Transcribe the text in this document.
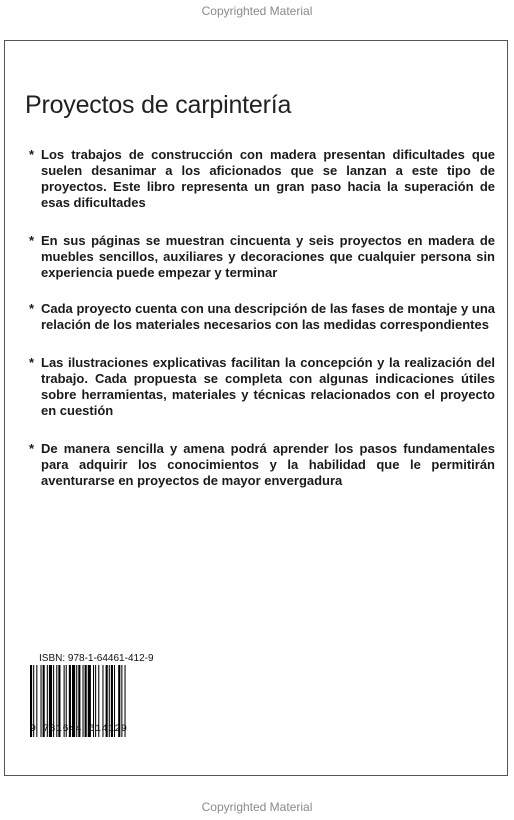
Copyrighted Material
Proyectos de carpintería
* Los trabajos de construcción con madera presentan dificultades que suelen desanimar a los aficionados que se lanzan a este tipo de proyectos. Este libro representa un gran paso hacia la superación de esas dificultades

* En sus páginas se muestran cincuenta y seis proyectos en madera de muebles sencillos, auxiliares y decoraciones que cualquier persona sin experiencia puede empezar y terminar

* Cada proyecto cuenta con una descripción de las fases de montaje y una relación de los materiales necesarios con las medidas correspondientes

* Las ilustraciones explicativas facilitan la concepción y la realización del trabajo. Cada propuesta se completa con algunas indicaciones útiles sobre herramientas, materiales y técnicas relacionados con el proyecto en cuestión

* De manera sencilla y amena podrá aprender los pasos fundamentales para adquirir los conocimientos y la habilidad que le permitirán aventurarse en proyectos de mayor envergadura

ISBN: 978-1-64461-412-9
9 781644 614129
Copyrighted Material
